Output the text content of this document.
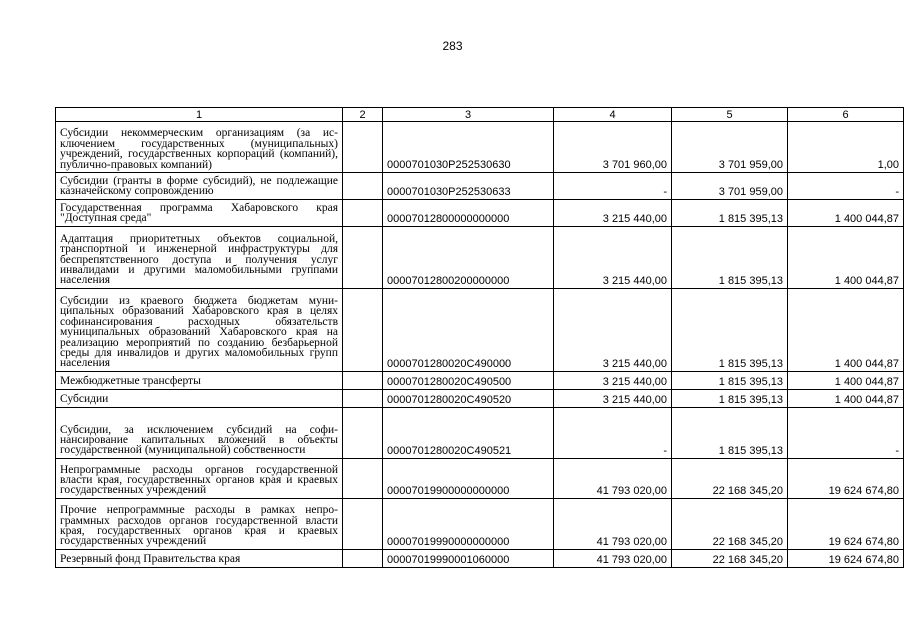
283
1	2	3	4	5	6
Субсидии некоммерческим организациям (за исключением государственных (муниципальных) учреждений, государственных корпораций (компаний), публично-правовых компаний)		0000701030P252530630	3 701 960,00	3 701 959,00	1,00
Субсидии (гранты в форме субсидий), не подлежащие казначейскому сопровождению		0000701030P252530633	-	3 701 959,00	-
Государственная программа Хабаровского края "Доступная среда"		00007012800000000000	3 215 440,00	1 815 395,13	1 400 044,87
Адаптация приоритетных объектов социальной, транспортной и инженерной инфраструктуры для беспрепятственного доступа и получения услуг инвалидами и другими маломобильными группами населения		00007012800200000000	3 215 440,00	1 815 395,13	1 400 044,87
Субсидии из краевого бюджета бюджетам муниципальных образований Хабаровского края в целях софинансирования расходных обязательств муниципальных образований Хабаровского края на реализацию мероприятий по созданию безбарьерной среды для инвалидов и других маломобильных групп населения		0000701280020C490000	3 215 440,00	1 815 395,13	1 400 044,87
Межбюджетные трансферты		0000701280020C490500	3 215 440,00	1 815 395,13	1 400 044,87
Субсидии		0000701280020C490520	3 215 440,00	1 815 395,13	1 400 044,87
Субсидии, за исключением субсидий на софинансирование капитальных вложений в объекты государственной (муниципальной) собственности		0000701280020C490521	-	1 815 395,13	-
Непрограммные расходы органов государственной власти края, государственных органов края и краевых государственных учреждений		00007019900000000000	41 793 020,00	22 168 345,20	19 624 674,80
Прочие непрограммные расходы в рамках непрограммных расходов органов государственной власти края, государственных органов края и краевых государственных учреждений		00007019990000000000	41 793 020,00	22 168 345,20	19 624 674,80
Резервный фонд Правительства края		00007019990001060000	41 793 020,00	22 168 345,20	19 624 674,80
